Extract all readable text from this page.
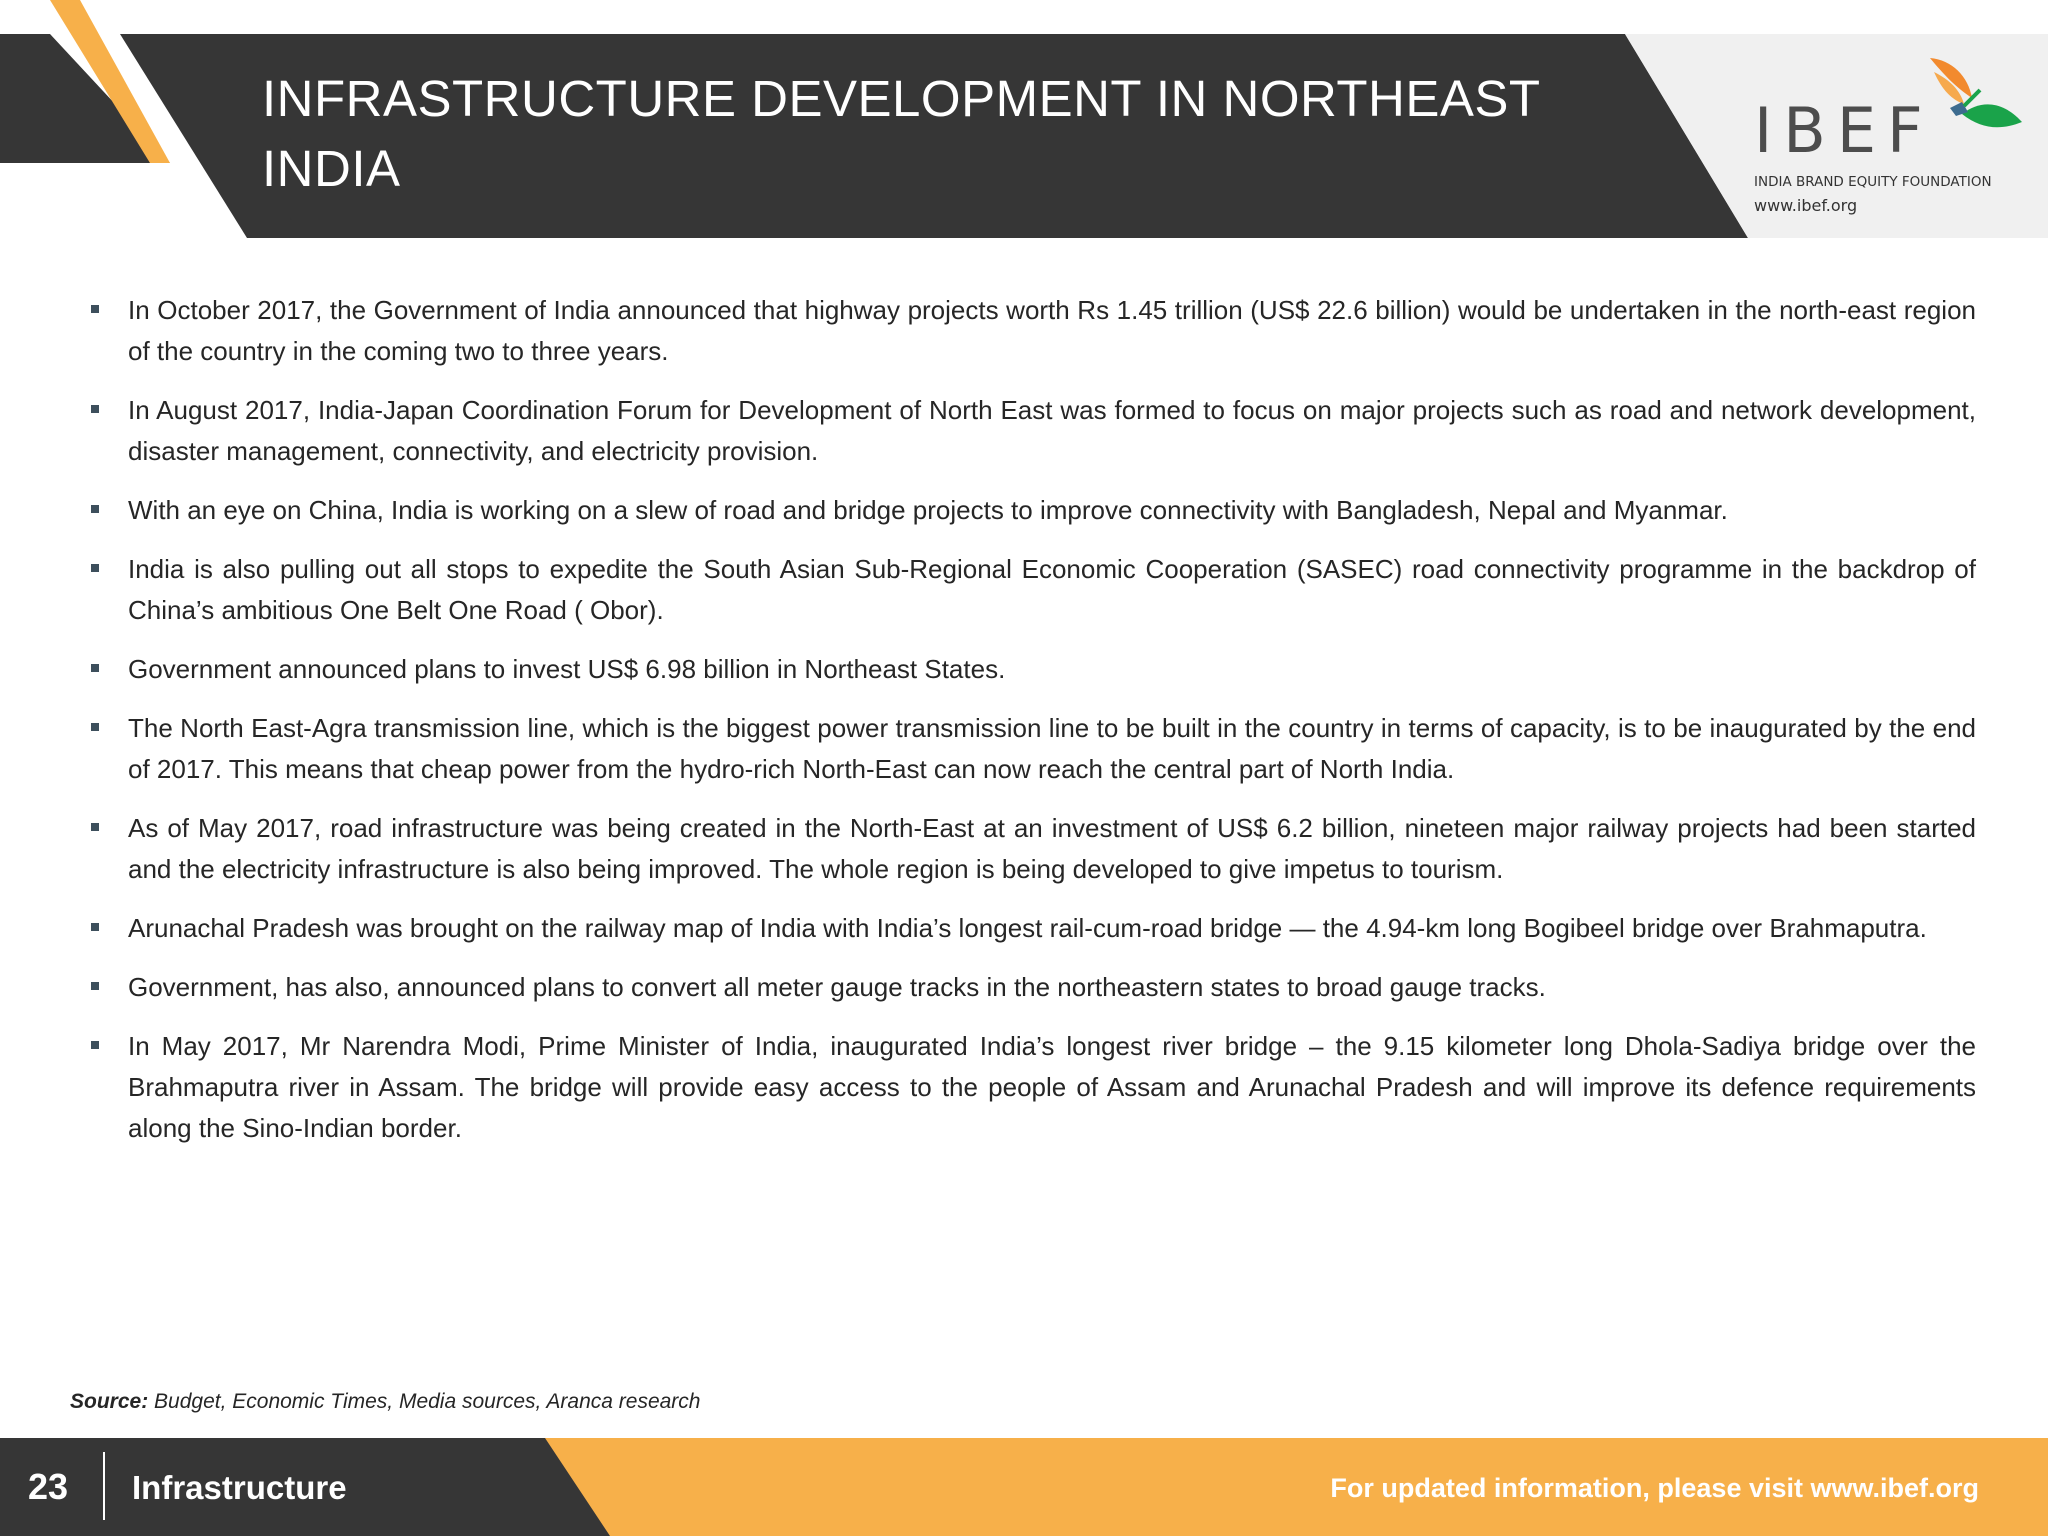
INFRASTRUCTURE DEVELOPMENT IN NORTHEAST INDIA
IBEF
INDIA BRAND EQUITY FOUNDATION
www.ibef.org
In October 2017, the Government of India announced that highway projects worth Rs 1.45 trillion (US$ 22.6 billion) would be undertaken in the north-east region of the country in the coming two to three years.
In August 2017, India-Japan Coordination Forum for Development of North East was formed to focus on major projects such as road and network development, disaster management, connectivity, and electricity provision.
With an eye on China, India is working on a slew of road and bridge projects to improve connectivity with Bangladesh, Nepal and Myanmar.
India is also pulling out all stops to expedite the South Asian Sub-Regional Economic Cooperation (SASEC) road connectivity programme in the backdrop of China’s ambitious One Belt One Road ( Obor).
Government announced plans to invest US$ 6.98 billion in Northeast States.
The North East-Agra transmission line, which is the biggest power transmission line to be built in the country in terms of capacity, is to be inaugurated by the end of 2017. This means that cheap power from the hydro-rich North-East can now reach the central part of North India.
As of May 2017, road infrastructure was being created in the North-East at an investment of US$ 6.2 billion, nineteen major railway projects had been started and the electricity infrastructure is also being improved. The whole region is being developed to give impetus to tourism.
Arunachal Pradesh was brought on the railway map of India with India’s longest rail-cum-road bridge — the 4.94-km long Bogibeel bridge over Brahmaputra.
Government, has also, announced plans to convert all meter gauge tracks in the northeastern states to broad gauge tracks.
In May 2017, Mr Narendra Modi, Prime Minister of India, inaugurated India’s longest river bridge – the 9.15 kilometer long Dhola-Sadiya bridge over the Brahmaputra river in Assam. The bridge will provide easy access to the people of Assam and Arunachal Pradesh and will improve its defence requirements along the Sino-Indian border.
Source: Budget, Economic Times, Media sources, Aranca research
23 Infrastructure	For updated information, please visit www.ibef.org
